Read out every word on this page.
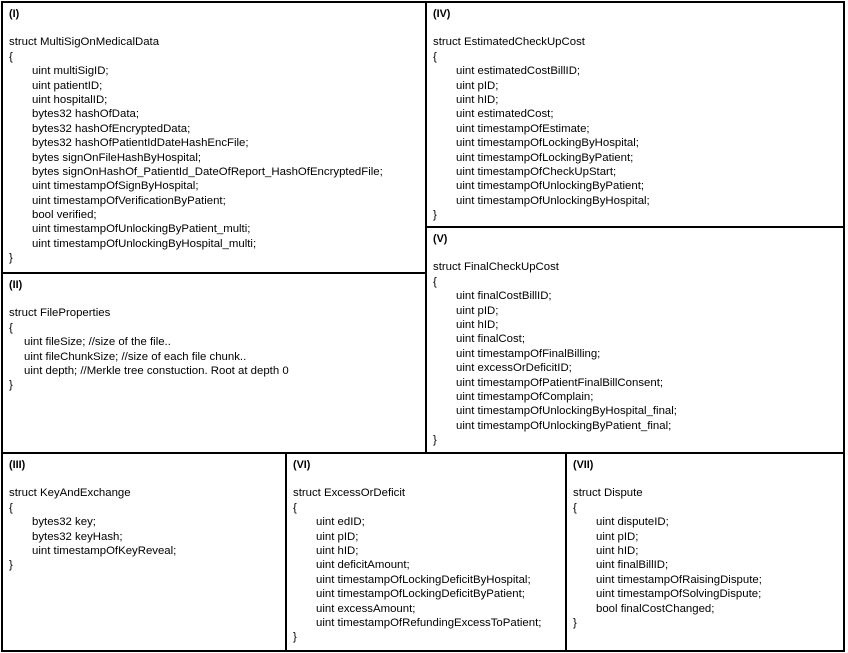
(I)
struct MultiSigOnMedicalData
{
uint multiSigID;
uint patientID;
uint hospitalID;
bytes32 hashOfData;
bytes32 hashOfEncryptedData;
bytes32 hashOfPatientIdDateHashEncFile;
bytes signOnFileHashByHospital;
bytes signOnHashOf_PatientId_DateOfReport_HashOfEncryptedFile;
uint timestampOfSignByHospital;
uint timestampOfVerificationByPatient;
bool verified;
uint timestampOfUnlockingByPatient_multi;
uint timestampOfUnlockingByHospital_multi;
}
(II)
struct FileProperties
{
uint fileSize; //size of the file..
uint fileChunkSize; //size of each file chunk..
uint depth; //Merkle tree constuction. Root at depth 0
}
(IV)
struct EstimatedCheckUpCost
{
uint estimatedCostBillID;
uint pID;
uint hID;
uint estimatedCost;
uint timestampOfEstimate;
uint timestampOfLockingByHospital;
uint timestampOfLockingByPatient;
uint timestampOfCheckUpStart;
uint timestampOfUnlockingByPatient;
uint timestampOfUnlockingByHospital;
}
(V)
struct FinalCheckUpCost
{
uint finalCostBillID;
uint pID;
uint hID;
uint finalCost;
uint timestampOfFinalBilling;
uint excessOrDeficitID;
uint timestampOfPatientFinalBillConsent;
uint timestampOfComplain;
uint timestampOfUnlockingByHospital_final;
uint timestampOfUnlockingByPatient_final;
}
(III)
struct KeyAndExchange
{
bytes32 key;
bytes32 keyHash;
uint timestampOfKeyReveal;
}
(VI)
struct ExcessOrDeficit
{
uint edID;
uint pID;
uint hID;
uint deficitAmount;
uint timestampOfLockingDeficitByHospital;
uint timestampOfLockingDeficitByPatient;
uint excessAmount;
uint timestampOfRefundingExcessToPatient;
}
(VII)
struct Dispute
{
uint disputeID;
uint pID;
uint hID;
uint finalBillID;
uint timestampOfRaisingDispute;
uint timestampOfSolvingDispute;
bool finalCostChanged;
}
